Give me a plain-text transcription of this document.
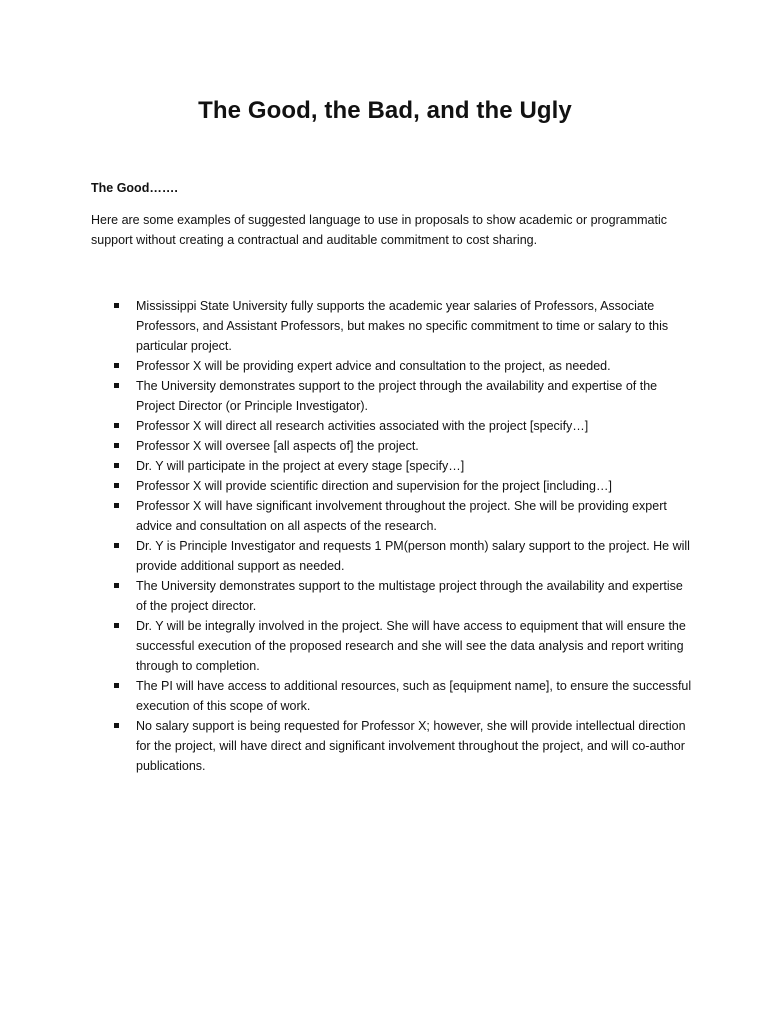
The Good, the Bad, and the Ugly
The Good…….

Here are some examples of suggested language to use in proposals to show academic or programmatic support without creating a contractual and auditable commitment to cost sharing.

Mississippi State University fully supports the academic year salaries of Professors, Associate Professors, and Assistant Professors, but makes no specific commitment to time or salary to this particular project.
Professor X will be providing expert advice and consultation to the project, as needed.
The University demonstrates support to the project through the availability and expertise of the Project Director (or Principle Investigator).
Professor X will direct all research activities associated with the project [specify…]
Professor X will oversee [all aspects of] the project.
Dr. Y will participate in the project at every stage [specify…]
Professor X will provide scientific direction and supervision for the project [including…]
Professor X will have significant involvement throughout the project. She will be providing expert advice and consultation on all aspects of the research.
Dr. Y is Principle Investigator and requests 1 PM(person month) salary support to the project. He will provide additional support as needed.
The University demonstrates support to the multistage project through the availability and expertise of the project director.
Dr. Y will be integrally involved in the project. She will have access to equipment that will ensure the successful execution of the proposed research and she will see the data analysis and report writing through to completion.
The PI will have access to additional resources, such as [equipment name], to ensure the successful execution of this scope of work.
No salary support is being requested for Professor X; however, she will provide intellectual direction for the project, will have direct and significant involvement throughout the project, and will co-author publications.
